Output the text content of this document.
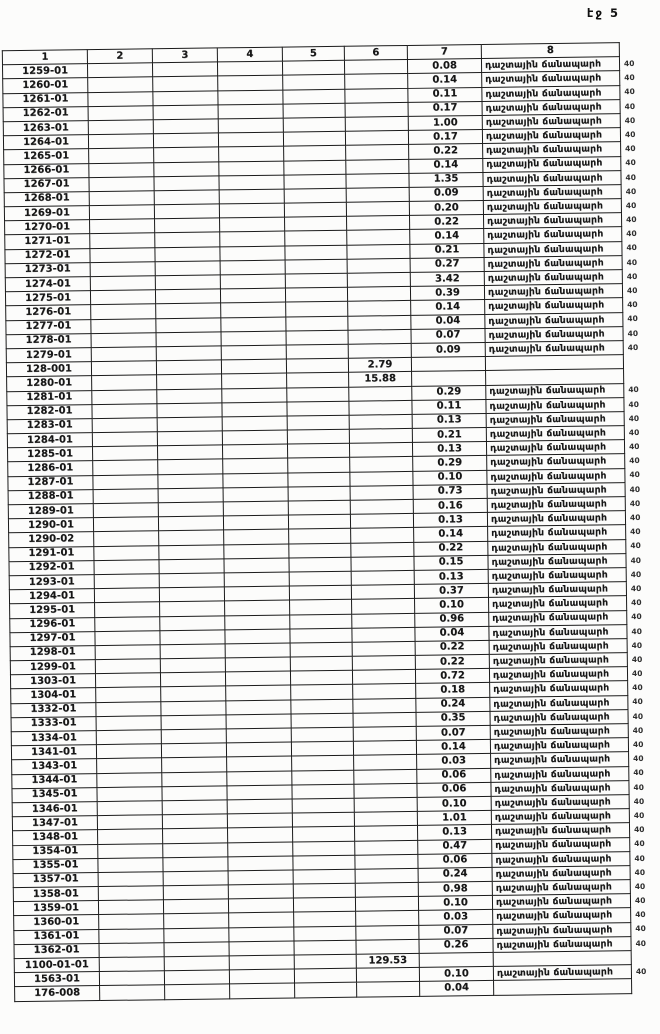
էջ 5
1	2	3	4	5	6	7	8	
1259-01						0.08	դաշտային ճանապարհ	40
1260-01						0.14	դաշտային ճանապարհ	40
1261-01						0.11	դաշտային ճանապարհ	40
1262-01						0.17	դաշտային ճանապարհ	40
1263-01						1.00	դաշտային ճանապարհ	40
1264-01						0.17	դաշտային ճանապարհ	40
1265-01						0.22	դաշտային ճանապարհ	40
1266-01						0.14	դաշտային ճանապարհ	40
1267-01						1.35	դաշտային ճանապարհ	40
1268-01						0.09	դաշտային ճանապարհ	40
1269-01						0.20	դաշտային ճանապարհ	40
1270-01						0.22	դաշտային ճանապարհ	40
1271-01						0.14	դաշտային ճանապարհ	40
1272-01						0.21	դաշտային ճանապարհ	40
1273-01						0.27	դաշտային ճանապարհ	40
1274-01						3.42	դաշտային ճանապարհ	40
1275-01						0.39	դաշտային ճանապարհ	40
1276-01						0.14	դաշտային ճանապարհ	40
1277-01						0.04	դաշտային ճանապարհ	40
1278-01						0.07	դաշտային ճանապարհ	40
1279-01						0.09	դաշտային ճանապարհ	40
128-001					2.79			
1280-01					15.88			
1281-01						0.29	դաշտային ճանապարհ	40
1282-01						0.11	դաշտային ճանապարհ	40
1283-01						0.13	դաշտային ճանապարհ	40
1284-01						0.21	դաշտային ճանապարհ	40
1285-01						0.13	դաշտային ճանապարհ	40
1286-01						0.29	դաշտային ճանապարհ	40
1287-01						0.10	դաշտային ճանապարհ	40
1288-01						0.73	դաշտային ճանապարհ	40
1289-01						0.16	դաշտային ճանապարհ	40
1290-01						0.13	դաշտային ճանապարհ	40
1290-02						0.14	դաշտային ճանապարհ	40
1291-01						0.22	դաշտային ճանապարհ	40
1292-01						0.15	դաշտային ճանապարհ	40
1293-01						0.13	դաշտային ճանապարհ	40
1294-01						0.37	դաշտային ճանապարհ	40
1295-01						0.10	դաշտային ճանապարհ	40
1296-01						0.96	դաշտային ճանապարհ	40
1297-01						0.04	դաշտային ճանապարհ	40
1298-01						0.22	դաշտային ճանապարհ	40
1299-01						0.22	դաշտային ճանապարհ	40
1303-01						0.72	դաշտային ճանապարհ	40
1304-01						0.18	դաշտային ճանապարհ	40
1332-01						0.24	դաշտային ճանապարհ	40
1333-01						0.35	դաշտային ճանապարհ	40
1334-01						0.07	դաշտային ճանապարհ	40
1341-01						0.14	դաշտային ճանապարհ	40
1343-01						0.03	դաշտային ճանապարհ	40
1344-01						0.06	դաշտային ճանապարհ	40
1345-01						0.06	դաշտային ճանապարհ	40
1346-01						0.10	դաշտային ճանապարհ	40
1347-01						1.01	դաշտային ճանապարհ	40
1348-01						0.13	դաշտային ճանապարհ	40
1354-01						0.47	դաշտային ճանապարհ	40
1355-01						0.06	դաշտային ճանապարհ	40
1357-01						0.24	դաշտային ճանապարհ	40
1358-01						0.98	դաշտային ճանապարհ	40
1359-01						0.10	դաշտային ճանապարհ	40
1360-01						0.03	դաշտային ճանապարհ	40
1361-01						0.07	դաշտային ճանապարհ	40
1362-01						0.26	դաշտային ճանապարհ	40
1100-01-01					129.53			
1563-01						0.10	դաշտային ճանապարհ	40
176-008						0.04		
